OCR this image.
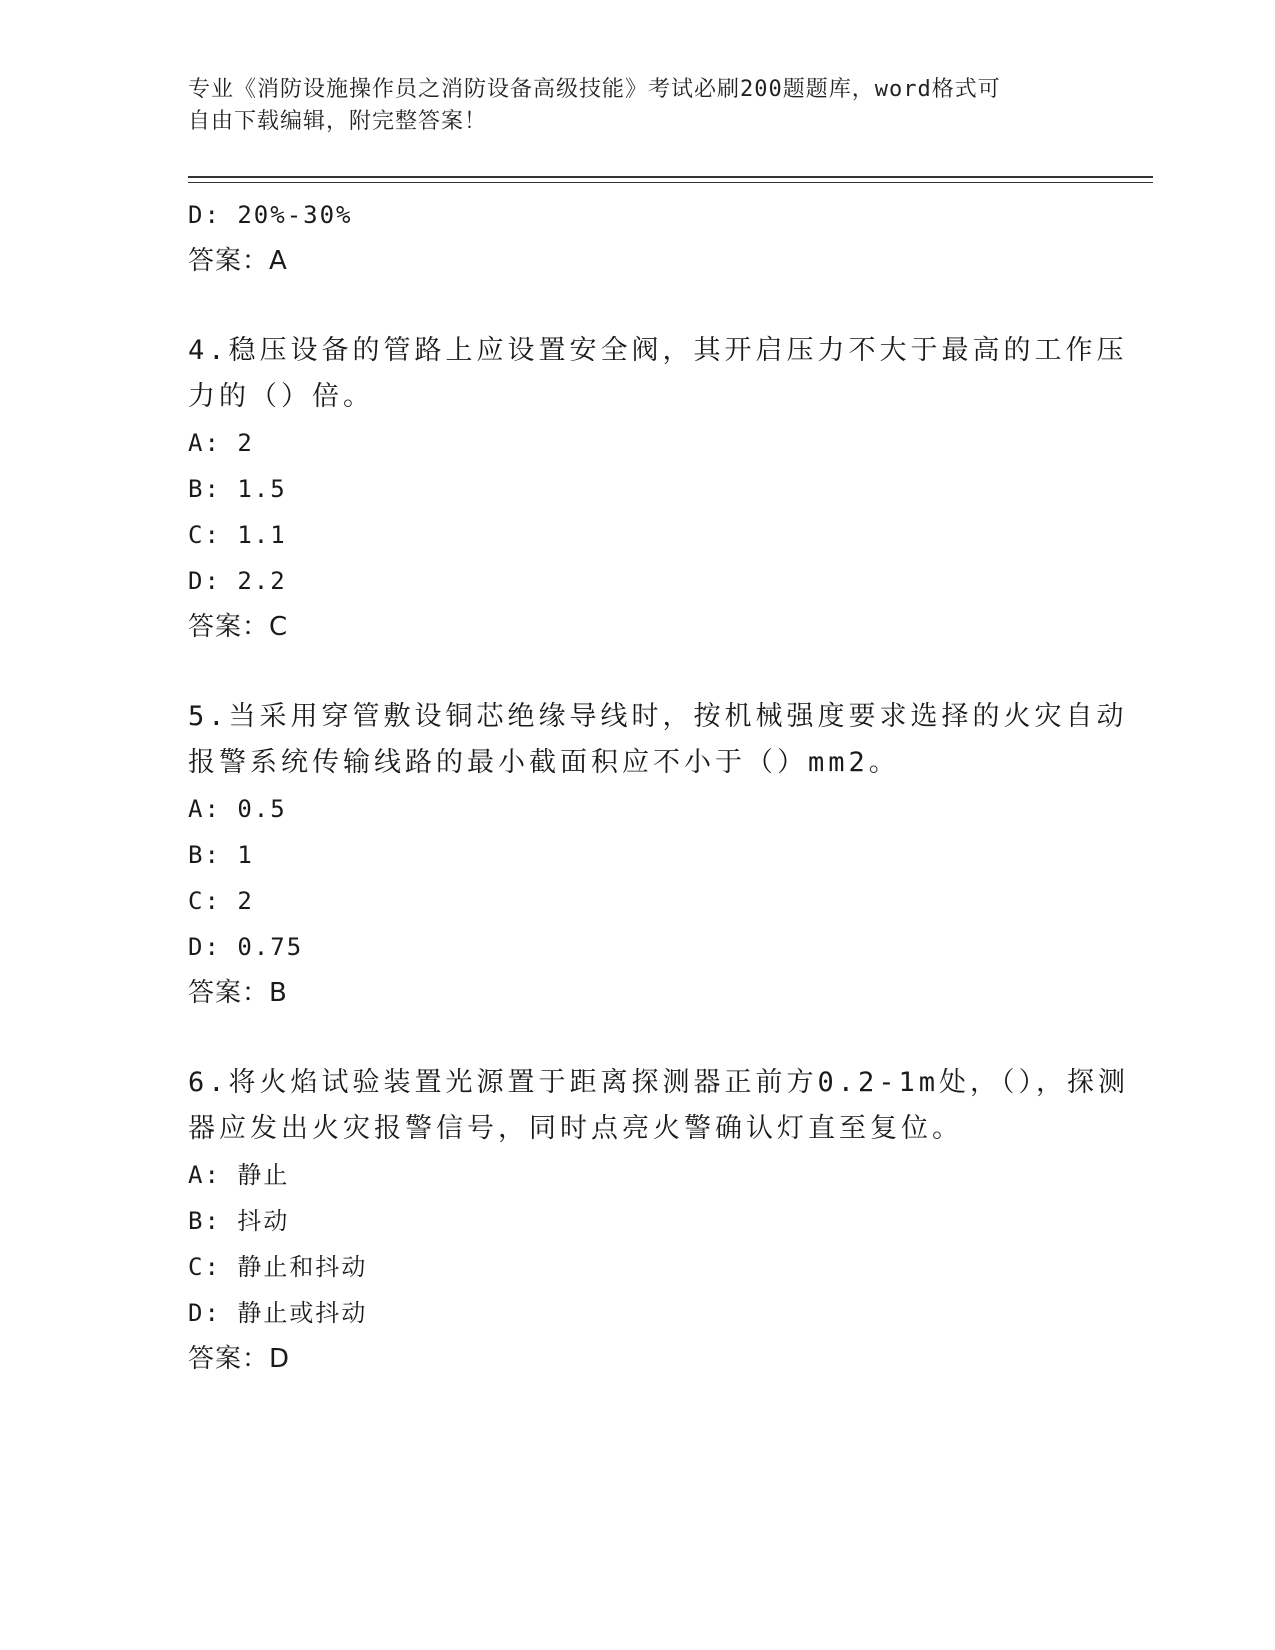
专业《消防设施操作员之消防设备高级技能》考试必刷200题题库，word格式可
自由下载编辑，附完整答案！
D: 20%-30%
答案：A
4.稳压设备的管路上应设置安全阀，其开启压力不大于最高的工作压
力的（）倍。
A: 2
B: 1.5
C: 1.1
D: 2.2
答案：C
5.当采用穿管敷设铜芯绝缘导线时，按机械强度要求选择的火灾自动
报警系统传输线路的最小截面积应不小于（）mm2。
A: 0.5
B: 1
C: 2
D: 0.75
答案：B
6.将火焰试验装置光源置于距离探测器正前方0.2-1m处，（），探测
器应发出火灾报警信号，同时点亮火警确认灯直至复位。
A: 静止
B: 抖动
C: 静止和抖动
D: 静止或抖动
答案：D
